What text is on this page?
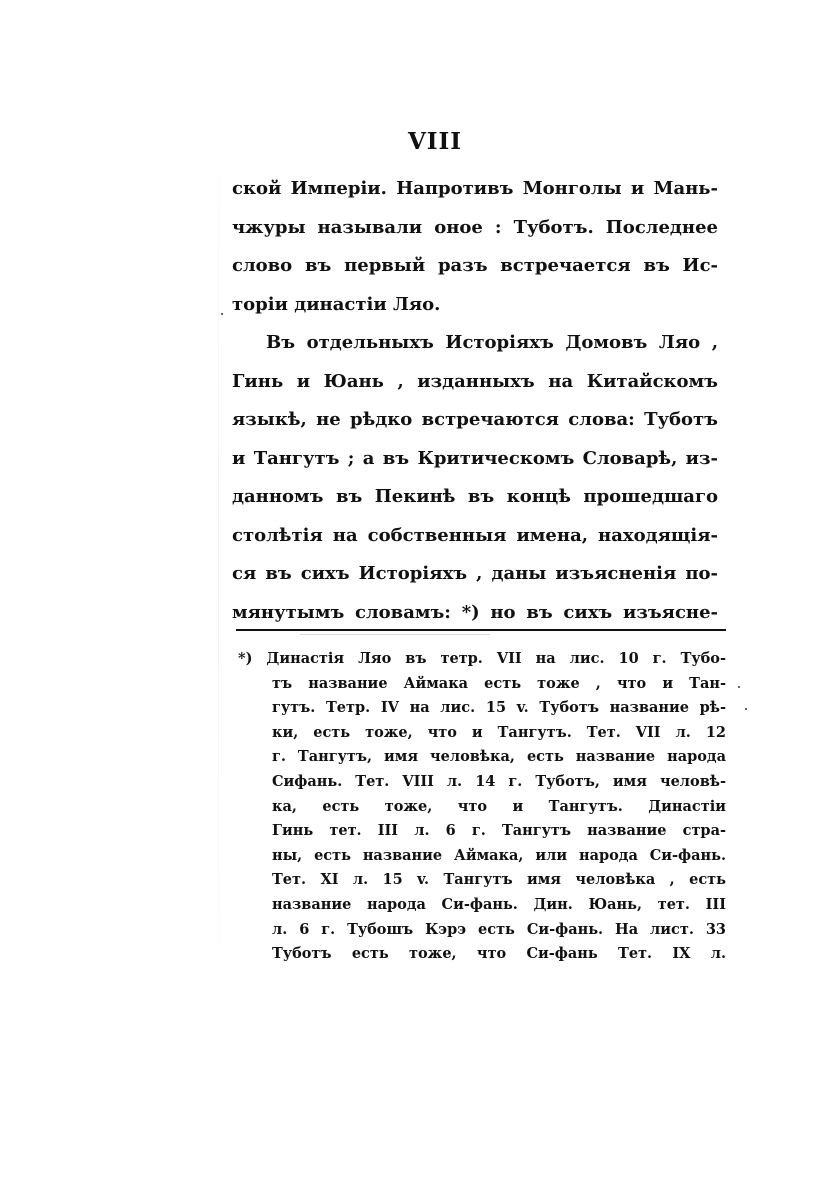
VIII
ской Имперіи. Напротивъ Монголы и Мань-
чжуры называли оное : Туботъ. Последнее
слово въ первый разъ встречается въ Ис-
торіи династіи Ляо.
Въ отдельныхъ Исторіяхъ Домовъ Ляо ,
Гинь и Юань , изданныхъ на Китайскомъ
языкѣ, не рѣдко встречаются слова: Туботъ
и Тангутъ ; а въ Критическомъ Словарѣ, из-
данномъ въ Пекинѣ въ концѣ прошедшаго
столѣтія на собственныя имена, находящія-
ся въ сихъ Исторіяхъ , даны изъясненія по-
мянутымъ словамъ: *) но въ сихъ изъясне-
*) Династія Ляо въ тетр. VII на лис. 10 г. Тубо-
тъ название Аймака есть тоже , что и Тан-
гутъ. Тетр. IV на лис. 15 v. Туботъ название рѣ-
ки, есть тоже, что и Тангутъ. Тет. VII л. 12
г. Тангутъ, имя человѣка, есть название народа
Сифань. Тет. VIII л. 14 г. Туботъ, имя человѣ-
ка, есть тоже, что и Тангутъ. Династіи
Гинь тет. III л. 6 г. Тангутъ название стра-
ны, есть название Аймака, или народа Си-фань.
Тет. XI л. 15 v. Тангутъ имя человѣка , есть
название народа Си-фань. Дин. Юань, тет. III
л. 6 г. Тубошъ Кэрэ есть Си-фань. На лист. 33
Туботъ есть тоже, что Си-фань Тет. IX л.
